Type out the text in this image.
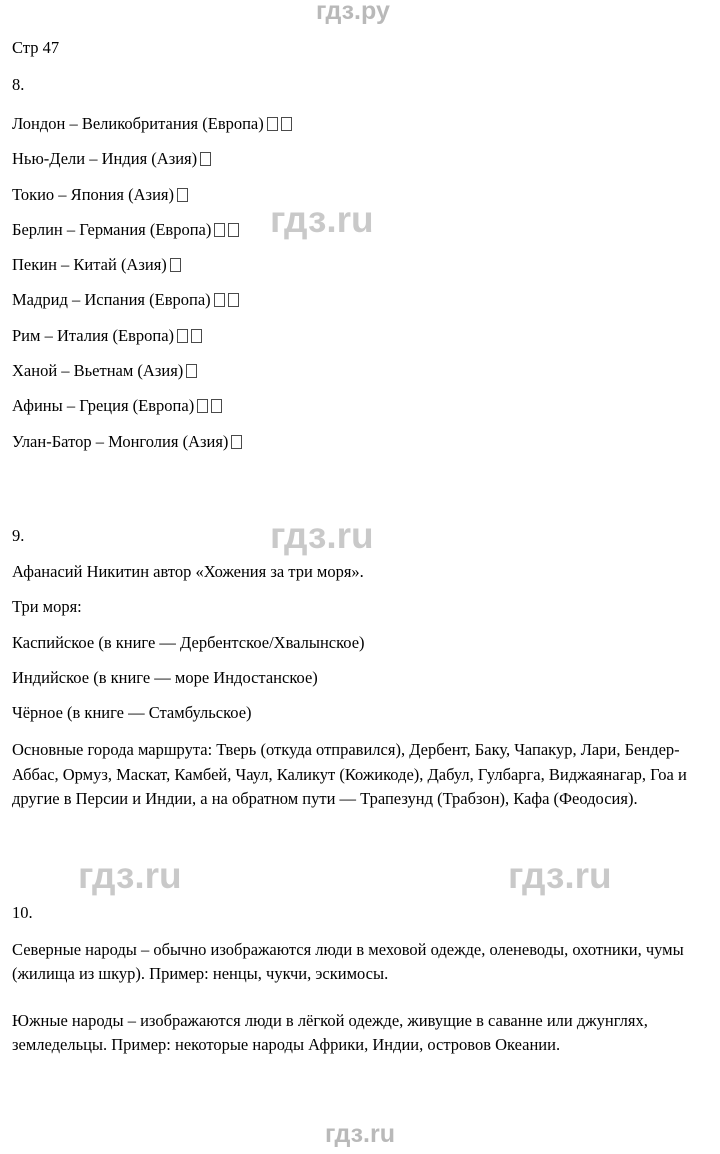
гдз.ру
гдз.ru
гдз.ru
гдз.ru	гдз.ru
гдз.ru
Стр 47
8.
Лондон – Великобритания (Европа)
Нью-Дели – Индия (Азия)
Токио – Япония (Азия)
Берлин – Германия (Европа)
Пекин – Китай (Азия)
Мадрид – Испания (Европа)
Рим – Италия (Европа)
Ханой – Вьетнам (Азия)
Афины – Греция (Европа)
Улан-Батор – Монголия (Азия)
9.
Афанасий Никитин автор «Хожения за три моря».
Три моря:
Каспийское (в книге — Дербентское/Хвалынское)
Индийское (в книге — море Индостанское)
Чёрное (в книге — Стамбульское)
Основные города маршрута: Тверь (откуда отправился), Дербент, Баку, Чапакур, Лари, Бендер-Аббас, Ормуз, Маскат, Камбей, Чаул, Каликут (Кожикоде), Дабул, Гулбарга, Виджаянагар, Гоа и другие в Персии и Индии, а на обратном пути — Трапезунд (Трабзон), Кафа (Феодосия).
10.
Северные народы – обычно изображаются люди в меховой одежде, оленеводы, охотники, чумы (жилища из шкур). Пример: ненцы, чукчи, эскимосы.
Южные народы – изображаются люди в лёгкой одежде, живущие в саванне или джунглях, земледельцы. Пример: некоторые народы Африки, Индии, островов Океании.
